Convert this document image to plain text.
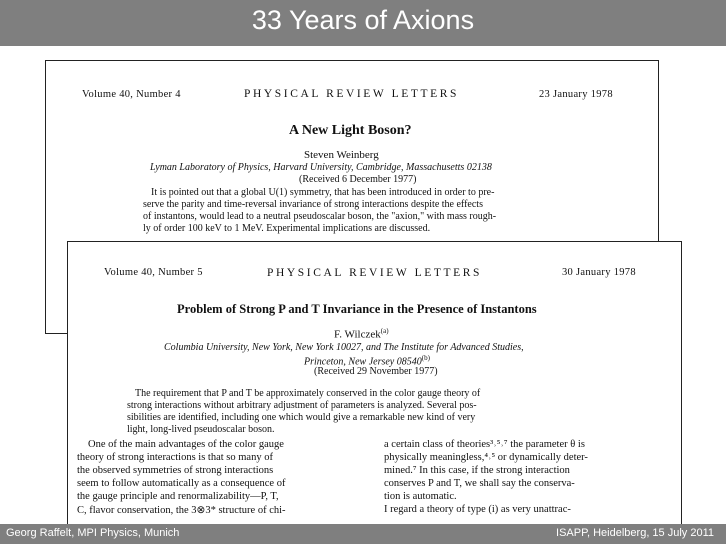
33 Years of Axions
Volume 40, Number 4	PHYSICAL REVIEW LETTERS	23 January 1978
A New Light Boson?
Steven Weinberg
Lyman Laboratory of Physics, Harvard University, Cambridge, Massachusetts 02138
(Received 6 December 1977)
It is pointed out that a global U(1) symmetry, that has been introduced in order to pre-
serve the parity and time-reversal invariance of strong interactions despite the effects
of instantons, would lead to a neutral pseudoscalar boson, the "axion," with mass rough-
ly of order 100 keV to 1 MeV. Experimental implications are discussed.
Volume 40, Number 5	PHYSICAL REVIEW LETTERS	30 January 1978
Problem of Strong P and T Invariance in the Presence of Instantons
F. Wilczek$^{(a)}$
Columbia University, New York, New York 10027, and The Institute for Advanced Studies,
Princeton, New Jersey 08540$^{(b)}$
(Received 29 November 1977)
The requirement that P and T be approximately conserved in the color gauge theory of
strong interactions without arbitrary adjustment of parameters is analyzed. Several pos-
sibilities are identified, including one which would give a remarkable new kind of very
light, long-lived pseudoscalar boson.
One of the main advantages of the color gauge
theory of strong interactions is that so many of
the observed symmetries of strong interactions
seem to follow automatically as a consequence of
the gauge principle and renormalizability—P, T,
C, flavor conservation, the 3⊗3* structure of chi-
a certain class of theories³˒⁵˒⁷ the parameter θ is
physically meaningless,⁴˒⁵ or dynamically deter-
mined.⁷ In this case, if the strong interaction
conserves P and T, we shall say the conserva-
tion is automatic.
I regard a theory of type (i) as very unattrac-
Georg Raffelt, MPI Physics, Munich	ISAPP, Heidelberg, 15 July 2011
